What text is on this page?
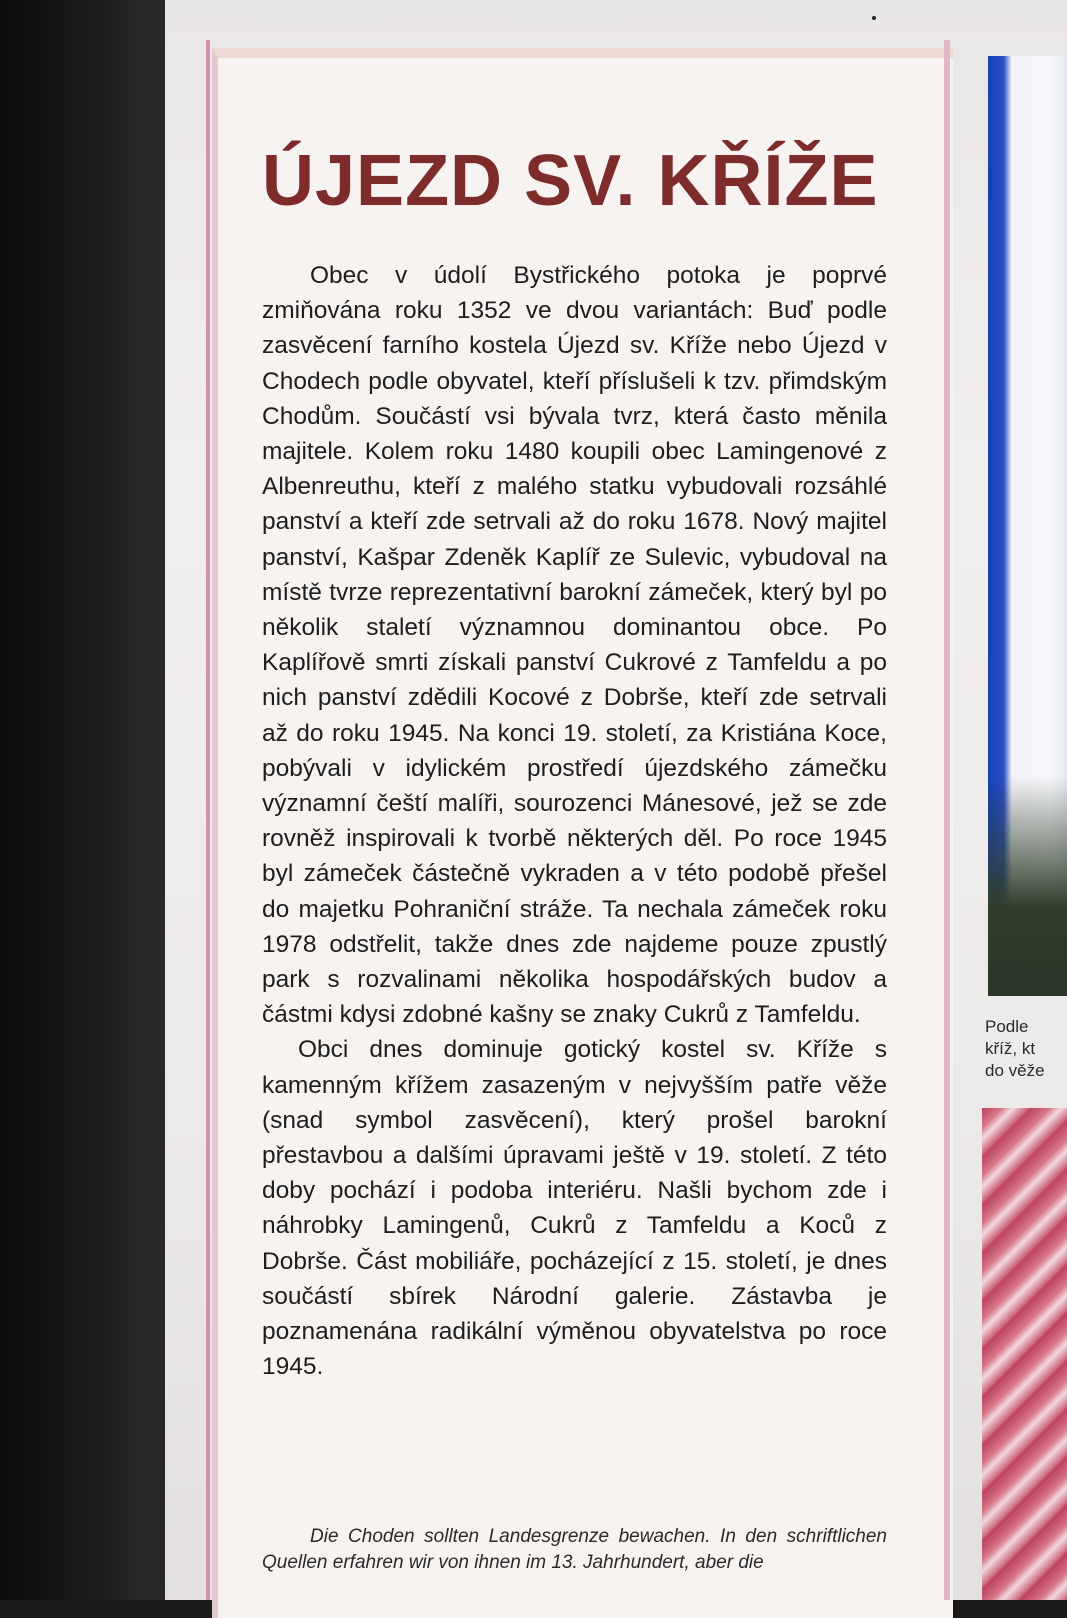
Podle
kříž, kt
do věže
ÚJEZD SV. KŘÍŽE

Obec v údolí Bystřického potoka je poprvé zmiňována roku 1352 ve dvou variantách: Buď podle zasvěcení farního kostela Újezd sv. Kříže nebo Újezd v Chodech podle obyvatel, kteří příslušeli k tzv. přimdským Chodům. Součástí vsi bývala tvrz, která často měnila majitele. Kolem roku 1480 koupili obec Lamingenové z Albenreuthu, kteří z malého statku vybudovali rozsáhlé panství a kteří zde setrvali až do roku 1678. Nový majitel panství, Kašpar Zdeněk Kaplíř ze Sulevic, vybudoval na místě tvrze reprezentativní barokní zámeček, který byl po několik staletí významnou dominantou obce. Po Kaplířově smrti získali panství Cukrové z Tamfeldu a po nich panství zdědili Kocové z Dobrše, kteří zde setrvali až do roku 1945. Na konci 19. století, za Kristiána Koce, pobývali v idylickém prostředí újezdského zámečku významní čeští malíři, sourozenci Mánesové, jež se zde rovněž inspirovali k tvorbě některých děl. Po roce 1945 byl zámeček částečně vykraden a v této podobě přešel do majetku Pohraniční stráže. Ta nechala zámeček roku 1978 odstřelit, takže dnes zde najdeme pouze zpustlý park s rozvalinami několika hospodářských budov a částmi kdysi zdobné kašny se znaky Cukrů z Tamfeldu.

Obci dnes dominuje gotický kostel sv. Kříže s kamenným křížem zasazeným v nejvyšším patře věže (snad symbol zasvěcení), který prošel barokní přestavbou a dalšími úpravami ještě v 19. století. Z této doby pochází i podoba interiéru. Našli bychom zde i náhrobky Lamingenů, Cukrů z Tamfeldu a Koců z Dobrše. Část mobiliáře, pocházející z 15. století, je dnes součástí sbírek Národní galerie. Zástavba je poznamenána radikální výměnou obyvatelstva po roce 1945.

Die Choden sollten Landesgrenze bewachen. In den schriftlichen Quellen erfahren wir von ihnen im 13. Jahrhundert, aber die
